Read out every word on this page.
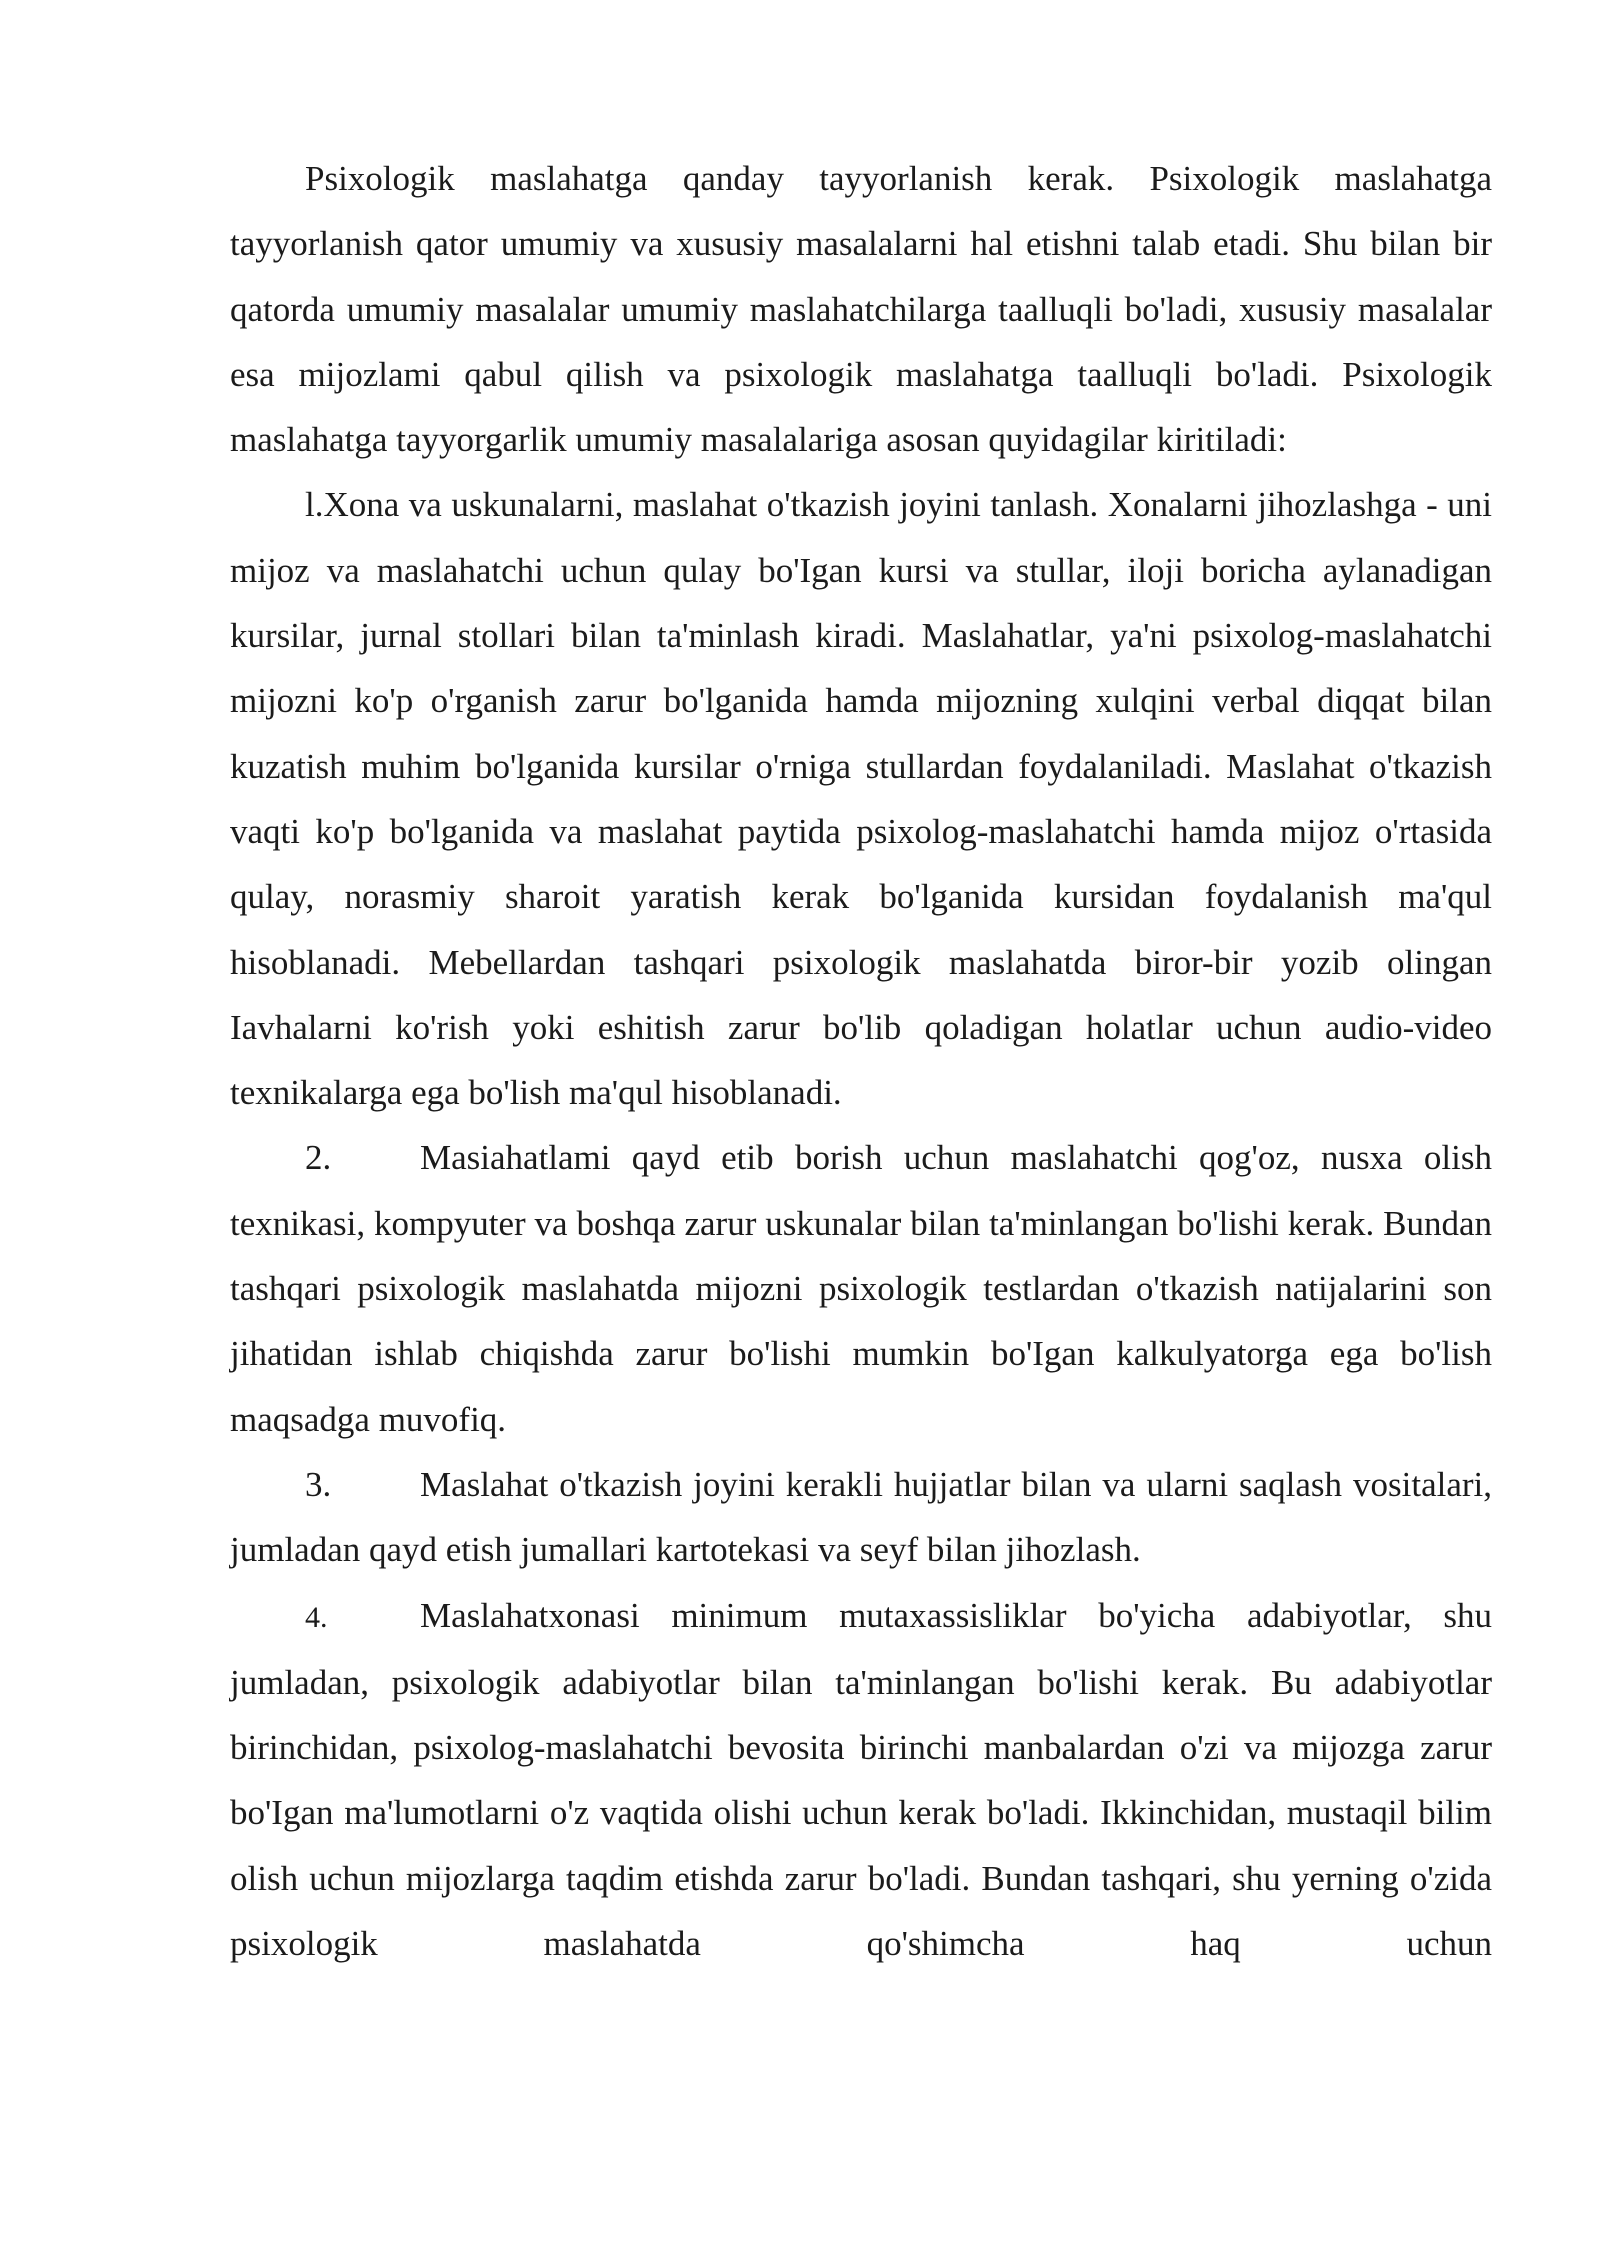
Psixologik maslahatga qanday tayyorlanish kerak. Psixologik maslahatga tayyorlanish qator umumiy va xususiy masalalarni hal etishni talab etadi. Shu bilan bir qatorda umumiy masalalar umumiy maslahatchilarga taalluqli bo'ladi, xususiy masalalar esa mijozlami qabul qilish va psixologik maslahatga taalluqli bo'ladi. Psixologik maslahatga tayyorgarlik umumiy masalalariga asosan quyidagilar kiritiladi:

l.Xona va uskunalarni, maslahat o'tkazish joyini tanlash. Xonalarni jihozlashga - uni mijoz va maslahatchi uchun qulay bo'Igan kursi va stullar, iloji boricha aylanadigan kursilar, jurnal stollari bilan ta'minlash kiradi. Maslahatlar, ya'ni psixolog-maslahatchi mijozni ko'p o'rganish zarur bo'lganida hamda mijozning xulqini verbal diqqat bilan kuzatish muhim bo'lganida kursilar o'rniga stullardan foydalaniladi. Maslahat o'tkazish vaqti ko'p bo'lganida va maslahat paytida psixolog-maslahatchi hamda mijoz o'rtasida qulay, norasmiy sharoit yaratish kerak bo'lganida kursidan foydalanish ma'qul hisoblanadi. Mebellardan tashqari psixologik maslahatda biror-bir yozib olingan Iavhalarni ko'rish yoki eshitish zarur bo'lib qoladigan holatlar uchun audio-video texnikalarga ega bo'lish ma'qul hisoblanadi.

2.	Masiahatlami qayd etib borish uchun maslahatchi qog'oz, nusxa olish texnikasi, kompyuter va boshqa zarur uskunalar bilan ta'minlangan bo'lishi kerak. Bundan tashqari psixologik maslahatda mijozni psixologik testlardan o'tkazish natijalarini son jihatidan ishlab chiqishda zarur bo'lishi mumkin bo'Igan kalkulyatorga ega bo'lish maqsadga muvofiq.

3.	Maslahat o'tkazish joyini kerakli hujjatlar bilan va ularni saqlash vositalari, jumladan qayd etish jumallari kartotekasi va seyf bilan jihozlash.

4.	Maslahatxonasi minimum mutaxassisliklar bo'yicha adabiyotlar, shu jumladan, psixologik adabiyotlar bilan ta'minlangan bo'lishi kerak. Bu adabiyotlar birinchidan, psixolog-maslahatchi bevosita birinchi manbalardan o'zi va mijozga zarur bo'Igan ma'lumotlarni o'z vaqtida olishi uchun kerak bo'ladi. Ikkinchidan, mustaqil bilim olish uchun mijozlarga taqdim etishda zarur bo'ladi. Bundan tashqari, shu yerning o'zida psixologik maslahatda qo'shimcha haq uchun
